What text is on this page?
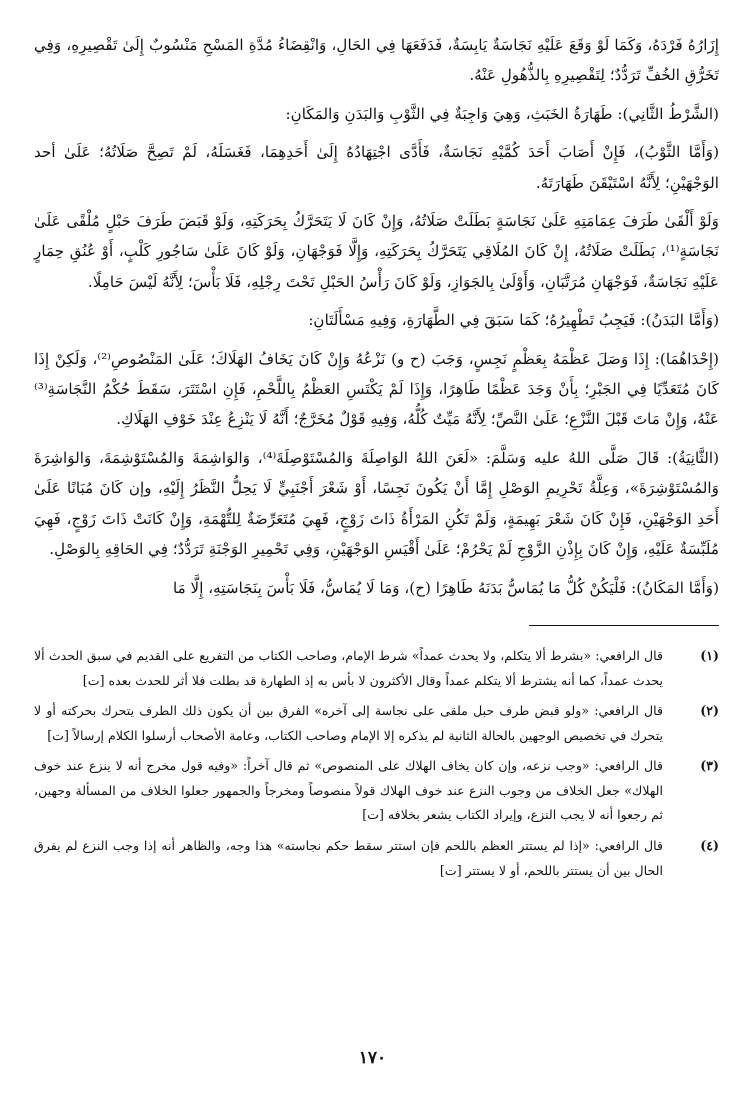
إِزَارُهُ فَرْدَهُ، وَكَمَا لَوْ وَقَعَ عَلَيْهِ نَجَاسَةٌ يَابِسَةٌ، فَدَفَعَهَا فِي الحَالِ، وَانْقِضَاءُ مُدَّةِ المَسْحِ مَنْسُوبٌ إِلَىٰ تَقْصِيرِهِ، وَفِي تَخَرُّقِ الخُفِّ تَرَدُّدٌ؛ لِتَقْصِيرِهِ بِالذُّهُولِ عَنْهُ.

(الشَّرْطُ الثَّانِي): طَهَارَةُ الخَبَثِ، وَهِيَ وَاجِبَةٌ فِي الثَّوْبِ وَالبَدَنِ وَالمَكَانِ:

(وَأَمَّا الثَّوْبُ)، فَإِنْ أَصَابَ أَحَدَ كُمَّيْهِ نَجَاسَةٌ، فَأَدَّى اجْتِهَادُهُ إِلَىٰ أَحَدِهِمَا، فَغَسَلَهُ، لَمْ تَصِحَّ صَلَاتُهُ؛ عَلَىٰ أحد الوَجْهَيْنِ؛ لِأَنَّهُ اسْتَيْقَنَ طَهَارَتَهُ.

وَلَوْ أَلْقَىٰ طَرَفَ عِمَامَتِهِ عَلَىٰ نَجَاسَةٍ بَطَلَتْ صَلَاتُهُ، وَإِنْ كَانَ لَا يَتَحَرَّكُ بِحَرَكَتِهِ، وَلَوْ قَبَضَ طَرَفَ حَبْلٍ مُلْقًى عَلَىٰ نَجَاسَةٍ⁽¹⁾، بَطَلَتْ صَلَاتُهُ، إِنْ كَانَ المُلَاقِي يَتَحَرَّكُ بِحَرَكَتِهِ، وَإِلَّا فَوَجْهَانِ، وَلَوْ كَانَ عَلَىٰ سَاجُورِ كَلْبٍ، أَوْ عُنُقِ حِمَارٍ عَلَيْهِ نَجَاسَةٌ، فَوَجْهَانِ مُرَتَّبَانِ، وَأَوْلَىٰ بِالجَوَازِ، وَلَوْ كَانَ رَأْسُ الحَبْلِ تَحْتَ رِجْلِهِ، فَلَا بَأْسَ؛ لِأَنَّهُ لَيْسَ حَامِلًا.

(وَأَمَّا البَدَنُ): فَيَجِبُ تَطْهِيرُهُ؛ كَمَا سَبَقَ فِي الطَّهَارَةِ، وَفِيهِ مَسْأَلَتَانِ:

(إِحْدَاهُمَا): إِذَا وَصَلَ عَظْمَهُ بِعَظْمٍ نَجِسٍ، وَجَبَ (ح و) نَزْعُهُ وَإِنْ كَانَ يَخَافُ الهَلَاكَ؛ عَلَىٰ المَنْصُوصِ⁽²⁾، وَلَكِنْ إِذَا كَانَ مُتَعَدِّيًا فِي الجَبْرِ؛ بِأَنْ وَجَدَ عَظْمًا طَاهِرًا، وَإِذَا لَمْ يَكْتَسِ العَظْمُ بِاللَّحْمِ، فَإِنِ اسْتَتَرَ، سَقَطَ حُكْمُ النَّجَاسَةِ⁽³⁾ عَنْهُ، وَإِنْ مَاتَ قَبْلَ النَّزْعِ؛ عَلَىٰ النَّصِّ؛ لِأَنَّهُ مَيِّتٌ كُلُّهُ، وَفِيهِ قَوْلٌ مُخَرَّجٌ؛ أَنَّهُ لَا يَنْزِعُ عِنْدَ خَوْفِ الهَلَاكِ.

(الثَّانِيَةُ): قَالَ صَلَّى اللهُ عليه وَسَلَّمَ: «لَعَنَ اللهُ الوَاصِلَةَ وَالمُسْتَوْصِلَةَ⁽⁴⁾، وَالوَاشِمَةَ وَالمُسْتَوْشِمَةَ، وَالوَاشِرَةَ وَالمُسْتَوْشِرَةَ»، وَعِلَّةُ تَحْرِيمِ الوَصْلِ إِمَّا أَنْ يَكُونَ نَجِسًا، أَوْ شَعْرَ أَجْنَبِيٍّ لَا يَحِلُّ النَّظَرُ إِلَيْهِ، وإن كَانَ مُبَانًا عَلَىٰ أَحَدِ الوَجْهَيْنِ، فَإِنْ كَانَ شَعْرَ بَهِيمَةٍ، وَلَمْ تَكُنِ المَرْأَةُ ذَاتَ زَوْجٍ، فَهِيَ مُتَعَرِّضَةٌ لِلتُّهْمَةِ، وَإِنْ كَانَتْ ذَاتَ زَوْجٍ، فَهِيَ مُلَبِّسَةٌ عَلَيْهِ، وَإِنْ كَانَ بِإِذْنِ الزَّوْجِ لَمْ يَحْرُمْ؛ عَلَىٰ أَقْيَسِ الوَجْهَيْنِ، وَفِي تَحْمِيرِ الوَجْنَةِ تَرَدُّدٌ؛ فِي الحَاقِهِ بِالوَصْلِ.

(وَأَمَّا المَكَانُ): فَلْيَكُنْ كُلُّ مَا يُمَاسُّ بَدَنَهُ طَاهِرًا (ح)، وَمَا لَا يُمَاسُّ، فَلَا بَأْسَ بِنَجَاسَتِهِ، إِلَّا مَا

(١)
قال الرافعي: «بشرط ألا يتكلم، ولا يحدث عمداً» شرط الإمام، وصاحب الكتاب من التفريع على القديم في سبق الحدث ألا يحدث عمداً، كما أنه يشترط ألا يتكلم عمداً وقال الأكثرون لا بأس به إذ الطهارة قد بطلت فلا أثر للحدث بعده [ت]
(٢)
قال الرافعي: «ولو قبض طرف حبل ملقى على نجاسة إلى آخره» الفرق بين أن يكون ذلك الطرف يتحرك بحركته أو لا يتحرك في تخصيص الوجهين بالحالة الثانية لم يذكره إلا الإمام وصاحب الكتاب، وعامة الأصحاب أرسلوا الكلام إرسالاً [ت]
(٣)
قال الرافعي: «وجب نزعه، وإن كان يخاف الهلاك على المنصوص» ثم قال آخراً: «وفيه قول مخرج أنه لا ينزع عند خوف الهلاك» جعل الخلاف من وجوب النزع عند خوف الهلاك قولاً منصوصاً ومخرجاً والجمهور جعلوا الخلاف من المسألة وجهين، ثم رجعوا أنه لا يجب النزع، وإيراد الكتاب يشعر بخلافه [ت]
(٤)
قال الرافعي: «إذا لم يستتر العظم باللحم فإن استتر سقط حكم نجاسته» هذا وجه، والظاهر أنه إذا وجب النزع لم يفرق الحال بين أن يستتر باللحم، أو لا يستتر [ت]
١٧٠
